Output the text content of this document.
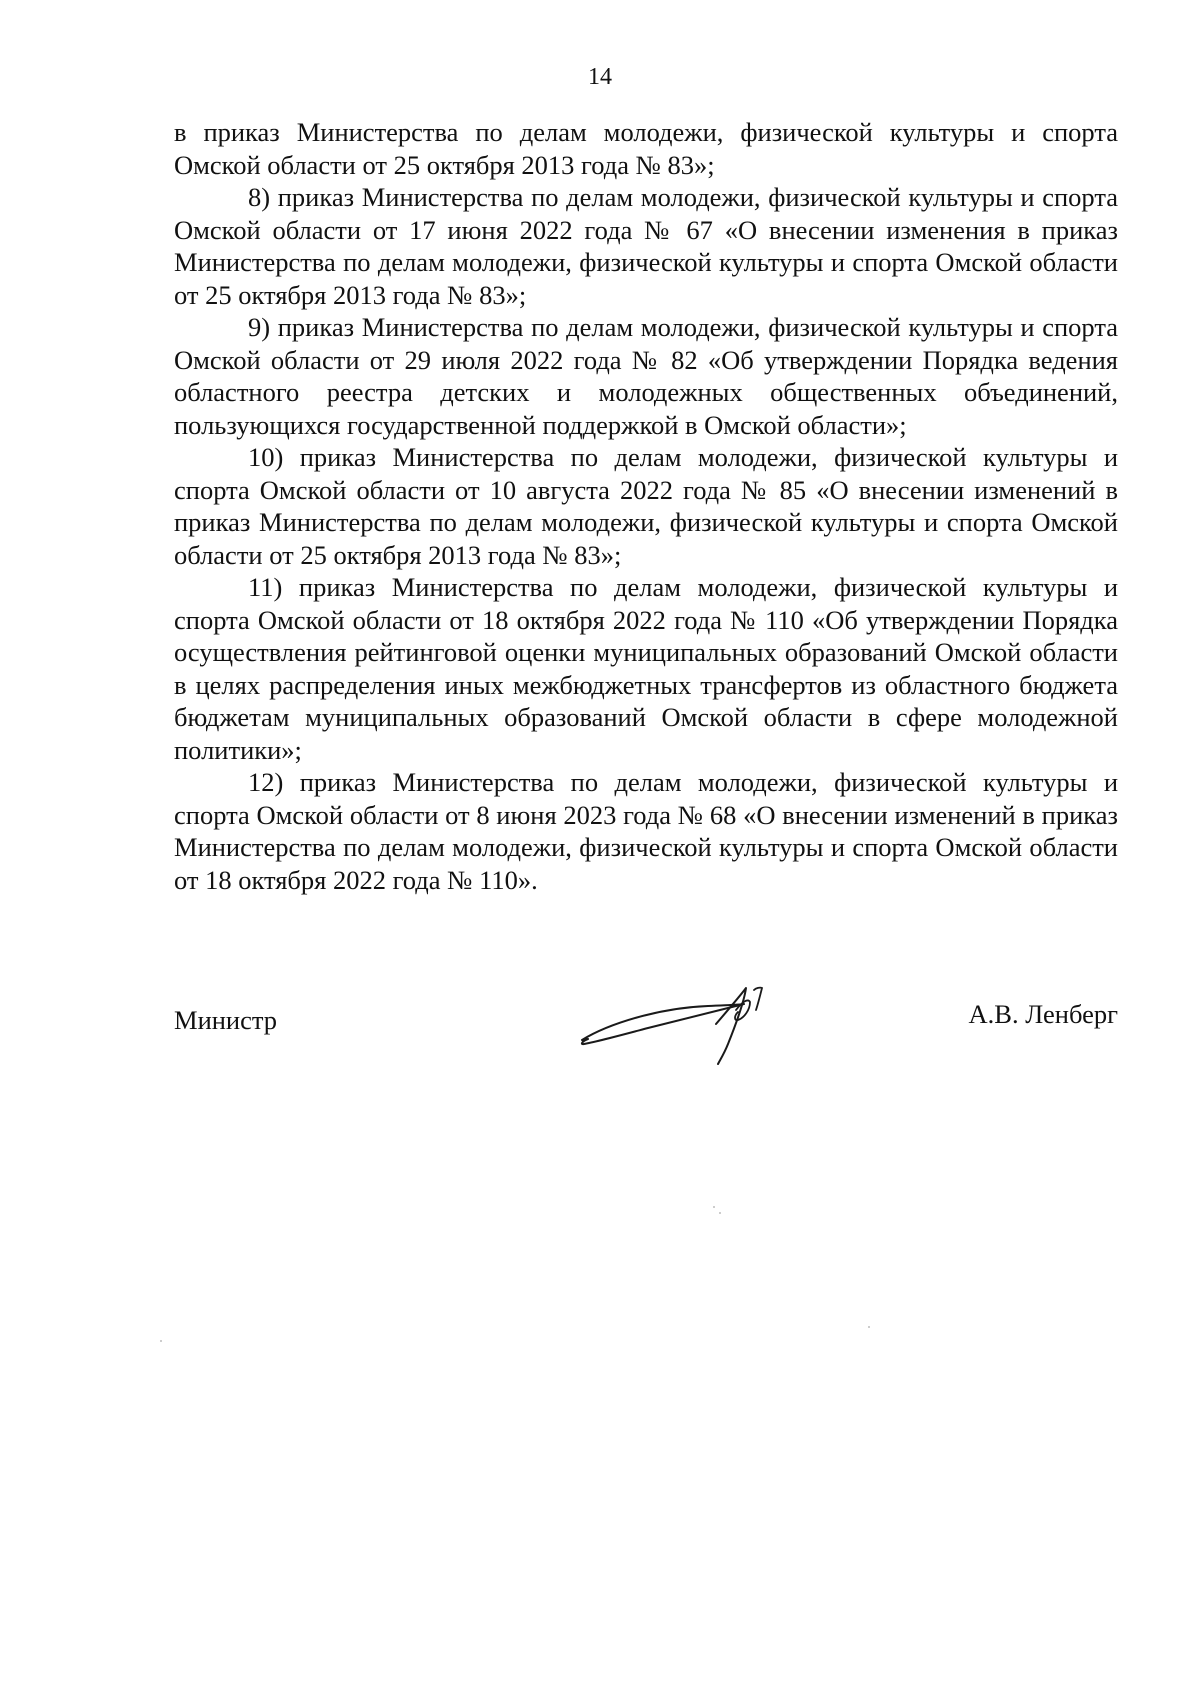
14

в приказ Министерства по делам молодежи, физической культуры и спорта Омской области от 25 октября 2013 года № 83»;

8) приказ Министерства по делам молодежи, физической культуры и спорта Омской области от 17 июня 2022 года № 67 «О внесении изменения в приказ Министерства по делам молодежи, физической культуры и спорта Омской области от 25 октября 2013 года № 83»;

9) приказ Министерства по делам молодежи, физической культуры и спорта Омской области от 29 июля 2022 года № 82 «Об утверждении Порядка ведения областного реестра детских и молодежных общественных объединений, пользующихся государственной поддержкой в Омской области»;

10) приказ Министерства по делам молодежи, физической культуры и спорта Омской области от 10 августа 2022 года № 85 «О внесении изменений в приказ Министерства по делам молодежи, физической культуры и спорта Омской области от 25 октября 2013 года № 83»;

11) приказ Министерства по делам молодежи, физической культуры и спорта Омской области от 18 октября 2022 года № 110 «Об утверждении Порядка осуществления рейтинговой оценки муниципальных образований Омской области в целях распределения иных межбюджетных трансфертов из областного бюджета бюджетам муниципальных образований Омской области в сфере молодежной политики»;

12) приказ Министерства по делам молодежи, физической культуры и спорта Омской области от 8 июня 2023 года № 68 «О внесении изменений в приказ Министерства по делам молодежи, физической культуры и спорта Омской области от 18 октября 2022 года № 110».

Министр	А.В. Ленберг
